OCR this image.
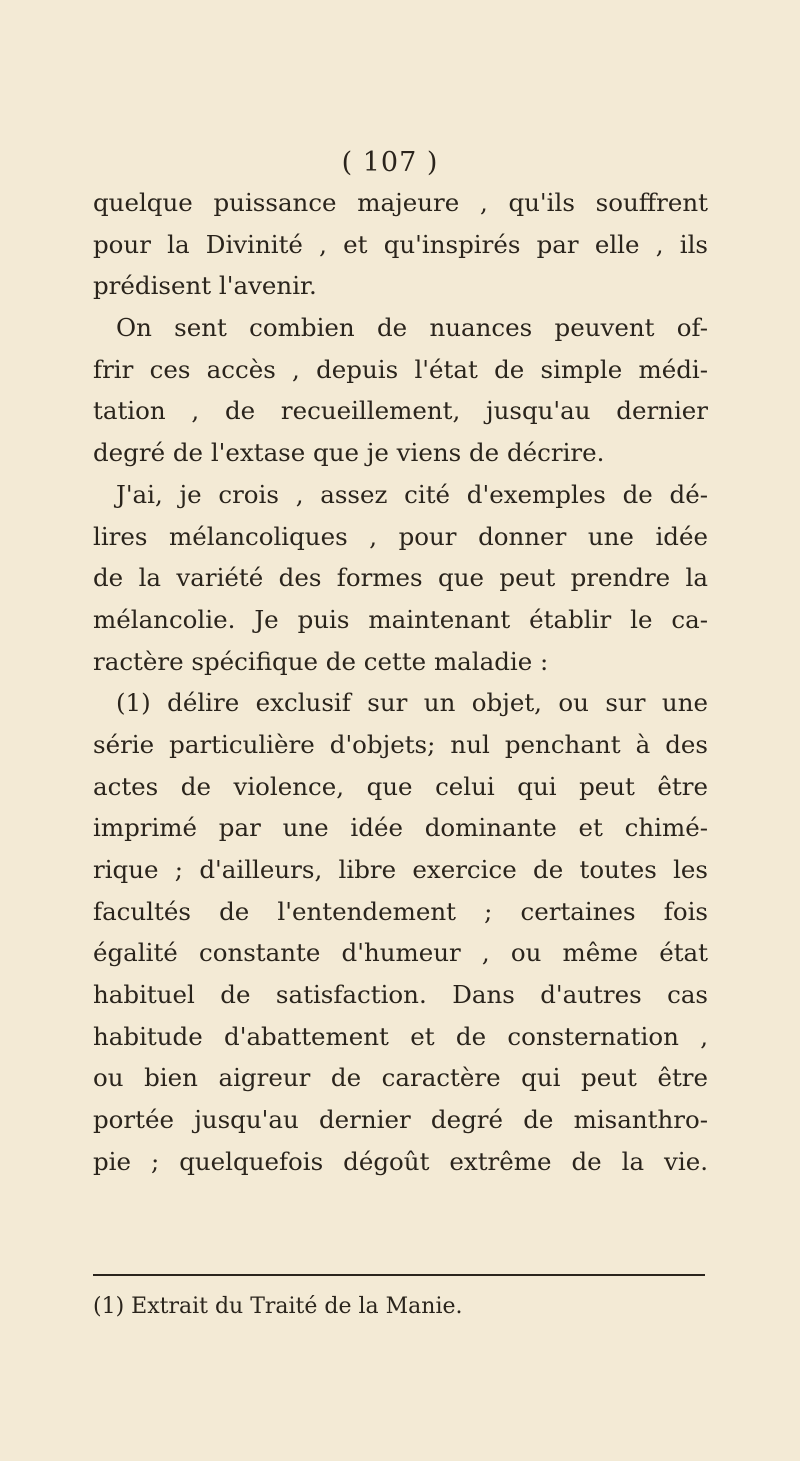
( 107 )
quelque puissance majeure , qu'ils souffrent
pour la Divinité , et qu'inspirés par elle , ils
prédisent l'avenir.
On sent combien de nuances peuvent of-
frir ces accès , depuis l'état de simple médi-
tation , de recueillement, jusqu'au dernier
degré de l'extase que je viens de décrire.
J'ai, je crois , assez cité d'exemples de dé-
lires mélancoliques , pour donner une idée
de la variété des formes que peut prendre la
mélancolie. Je puis maintenant établir le ca-
ractère spécifique de cette maladie :
(1) délire exclusif sur un objet, ou sur une
série particulière d'objets; nul penchant à des
actes de violence, que celui qui peut être
imprimé par une idée dominante et chimé-
rique ; d'ailleurs, libre exercice de toutes les
facultés de l'entendement ; certaines fois
égalité constante d'humeur , ou même état
habituel de satisfaction. Dans d'autres cas
habitude d'abattement et de consternation ,
ou bien aigreur de caractère qui peut être
portée jusqu'au dernier degré de misanthro-
pie ; quelquefois dégoût extrême de la vie.
(1) Extrait du Traité de la Manie.
